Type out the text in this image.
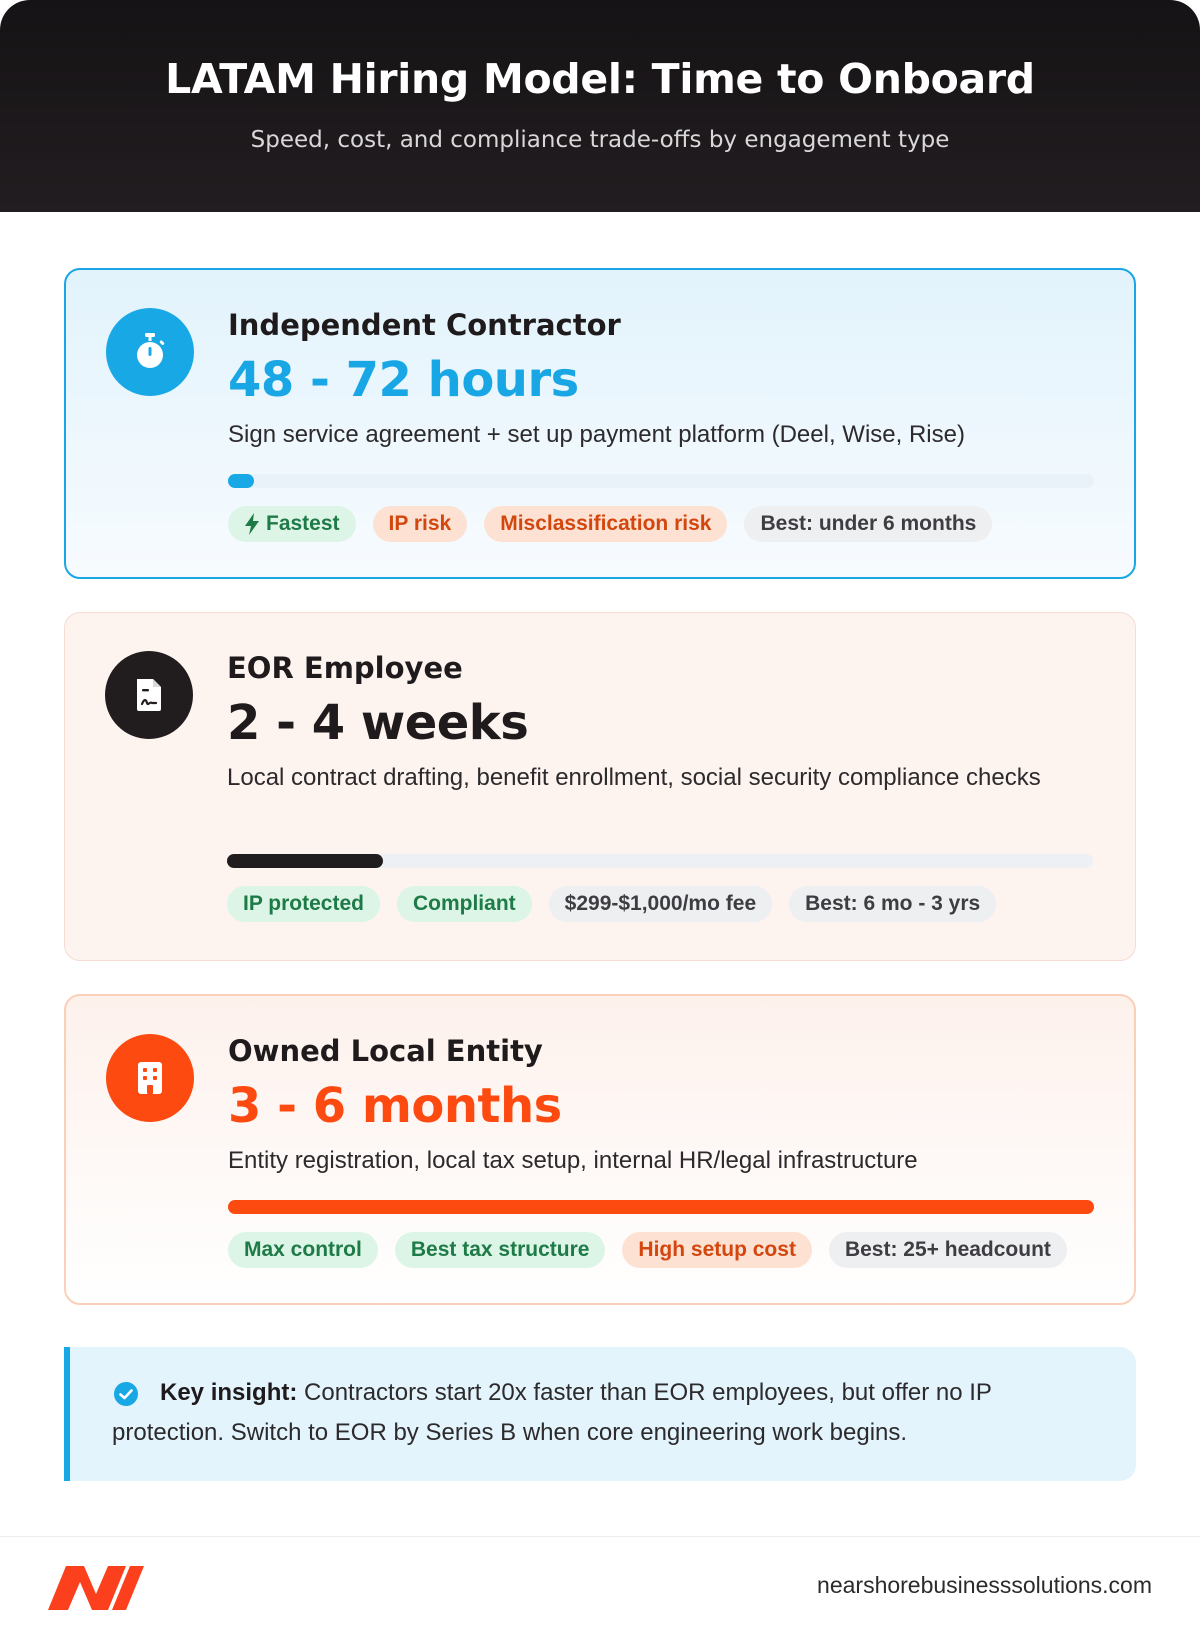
LATAM Hiring Model: Time to Onboard
Speed, cost, and compliance trade-offs by engagement type
Independent Contractor
48 - 72 hours
Sign service agreement + set up payment platform (Deel, Wise, Rise)
Fastest	IP risk	Misclassification risk	Best: under 6 months
EOR Employee
2 - 4 weeks
Local contract drafting, benefit enrollment, social security compliance checks
IP protected	Compliant	$299-$1,000/mo fee	Best: 6 mo - 3 yrs
Owned Local Entity
3 - 6 months
Entity registration, local tax setup, internal HR/legal infrastructure
Max control	Best tax structure	High setup cost	Best: 25+ headcount
Key insight: Contractors start 20x faster than EOR employees, but offer no IP protection. Switch to EOR by Series B when core engineering work begins.
nearshorebusinesssolutions.com
